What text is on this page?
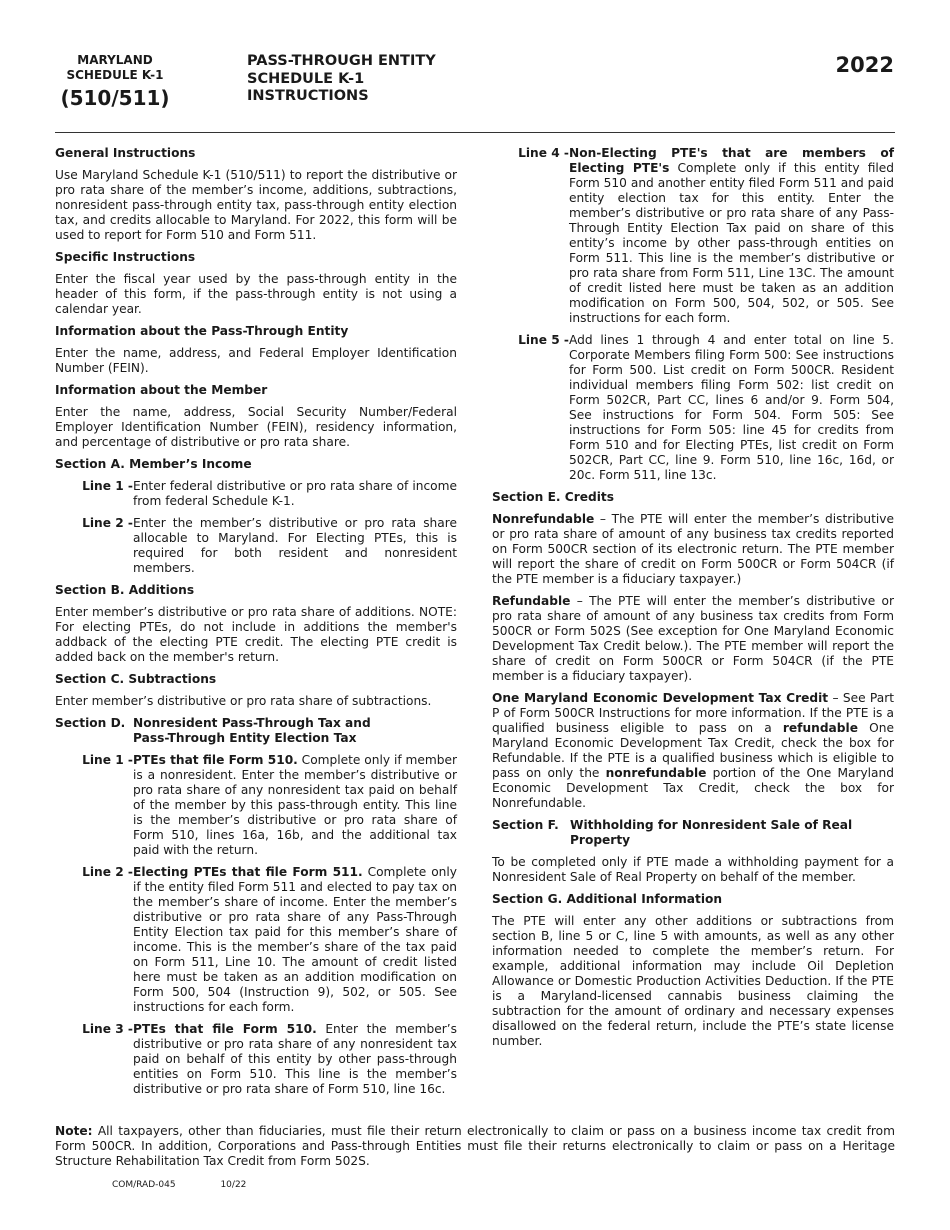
MARYLAND
SCHEDULE K-1
(510/511)
PASS-THROUGH ENTITY
SCHEDULE K-1
INSTRUCTIONS
2022
General Instructions
Use Maryland Schedule K-1 (510/511) to report the distributive or pro rata share of the member’s income, additions, subtractions, nonresident pass-through entity tax, pass-through entity election tax, and credits allocable to Maryland. For 2022, this form will be used to report for Form 510 and Form 511.
Specific Instructions
Enter the fiscal year used by the pass-through entity in the header of this form, if the pass-through entity is not using a calendar year.
Information about the Pass-Through Entity
Enter the name, address, and Federal Employer Identification Number (FEIN).
Information about the Member
Enter the name, address, Social Security Number/Federal Employer Identification Number (FEIN), residency information, and percentage of distributive or pro rata share.
Section A. Member’s Income
Line 1 - Enter federal distributive or pro rata share of income from federal Schedule K-1.
Line 2 - Enter the member’s distributive or pro rata share allocable to Maryland. For Electing PTEs, this is required for both resident and nonresident members.
Section B. Additions
Enter member’s distributive or pro rata share of additions. NOTE: For electing PTEs, do not include in additions the member's addback of the electing PTE credit. The electing PTE credit is added back on the member's return.
Section C. Subtractions
Enter member’s distributive or pro rata share of subtractions.
Section D. Nonresident Pass-Through Tax and
Pass-Through Entity Election Tax
Line 1 - PTEs that file Form 510. Complete only if member is a nonresident. Enter the member’s distributive or pro rata share of any nonresident tax paid on behalf of the member by this pass-through entity. This line is the member’s distributive or pro rata share of Form 510, lines 16a, 16b, and the additional tax paid with the return.
Line 2 - Electing PTEs that file Form 511. Complete only if the entity filed Form 511 and elected to pay tax on the member’s share of income. Enter the member’s distributive or pro rata share of any Pass-Through Entity Election tax paid for this member’s share of income. This is the member’s share of the tax paid on Form 511, Line 10. The amount of credit listed here must be taken as an addition modification on Form 500, 504 (Instruction 9), 502, or 505. See instructions for each form.
Line 3 - PTEs that file Form 510. Enter the member’s distributive or pro rata share of any nonresident tax paid on behalf of this entity by other pass-through entities on Form 510. This line is the member’s distributive or pro rata share of Form 510, line 16c.
Line 4 - Non-Electing PTE's that are members of Electing PTE's Complete only if this entity filed Form 510 and another entity filed Form 511 and paid entity election tax for this entity. Enter the member’s distributive or pro rata share of any Pass-Through Entity Election Tax paid on share of this entity’s income by other pass-through entities on Form 511. This line is the member’s distributive or pro rata share from Form 511, Line 13C. The amount of credit listed here must be taken as an addition modification on Form 500, 504, 502, or 505. See instructions for each form.
Line 5 - Add lines 1 through 4 and enter total on line 5. Corporate Members filing Form 500: See instructions for Form 500. List credit on Form 500CR. Resident individual members filing Form 502: list credit on Form 502CR, Part CC, lines 6 and/or 9. Form 504, See instructions for Form 504. Form 505: See instructions for Form 505: line 45 for credits from Form 510 and for Electing PTEs, list credit on Form 502CR, Part CC, line 9. Form 510, line 16c, 16d, or 20c. Form 511, line 13c.
Section E. Credits
Nonrefundable – The PTE will enter the member’s distributive or pro rata share of amount of any business tax credits reported on Form 500CR section of its electronic return. The PTE member will report the share of credit on Form 500CR or Form 504CR (if the PTE member is a fiduciary taxpayer.)
Refundable – The PTE will enter the member’s distributive or pro rata share of amount of any business tax credits from Form 500CR or Form 502S (See exception for One Maryland Economic Development Tax Credit below.). The PTE member will report the share of credit on Form 500CR or Form 504CR (if the PTE member is a fiduciary taxpayer).
One Maryland Economic Development Tax Credit – See Part P of Form 500CR Instructions for more information. If the PTE is a qualified business eligible to pass on a refundable One Maryland Economic Development Tax Credit, check the box for Refundable. If the PTE is a qualified business which is eligible to pass on only the nonrefundable portion of the One Maryland Economic Development Tax Credit, check the box for Nonrefundable.
Section F. Withholding for Nonresident Sale of Real
Property
To be completed only if PTE made a withholding payment for a Nonresident Sale of Real Property on behalf of the member.
Section G. Additional Information
The PTE will enter any other additions or subtractions from section B, line 5 or C, line 5 with amounts, as well as any other information needed to complete the member’s return. For example, additional information may include Oil Depletion Allowance or Domestic Production Activities Deduction. If the PTE is a Maryland-licensed cannabis business claiming the subtraction for the amount of ordinary and necessary expenses disallowed on the federal return, include the PTE’s state license number.
Note: All taxpayers, other than fiduciaries, must file their return electronically to claim or pass on a business income tax credit from Form 500CR. In addition, Corporations and Pass-through Entities must file their returns electronically to claim or pass on a Heritage Structure Rehabilitation Tax Credit from Form 502S.
COM/RAD-045	10/22
